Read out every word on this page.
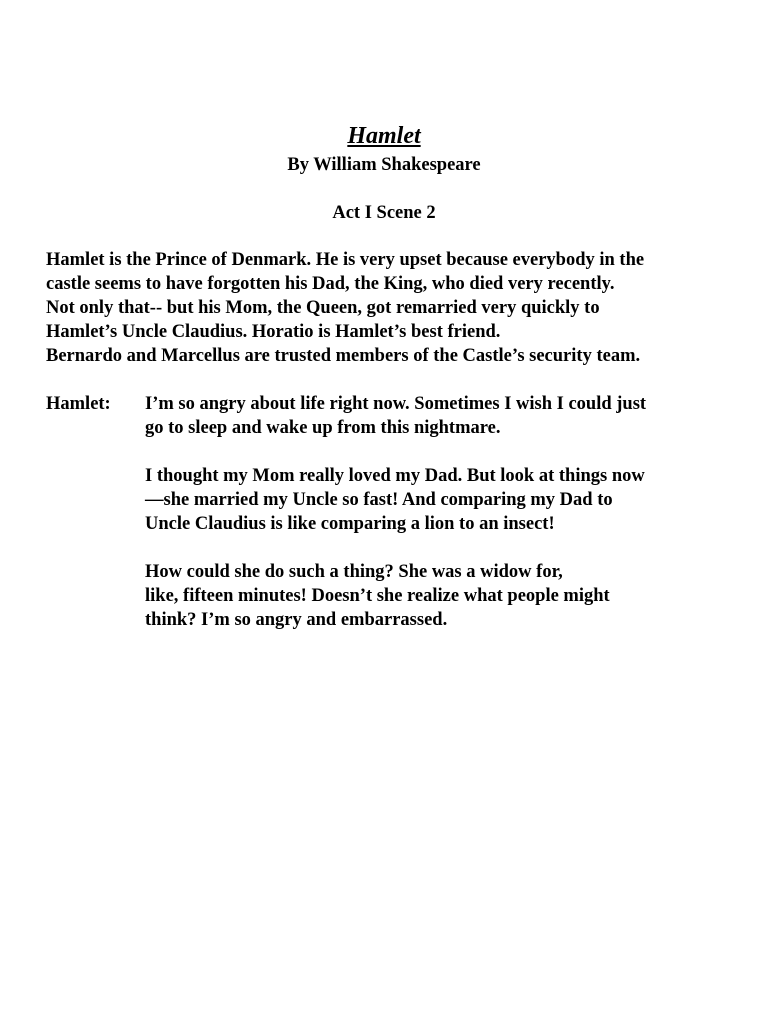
Hamlet
By William Shakespeare
Act I Scene 2
Hamlet is the Prince of Denmark. He is very upset because everybody in the
castle seems to have forgotten his Dad, the King, who died very recently.
Not only that-- but his Mom, the Queen, got remarried very quickly to
Hamlet’s Uncle Claudius. Horatio is Hamlet’s best friend.
Bernardo and Marcellus are trusted members of the Castle’s security team.
Hamlet: I’m so angry about life right now. Sometimes I wish I could just
go to sleep and wake up from this nightmare.
I thought my Mom really loved my Dad. But look at things now
—she married my Uncle so fast! And comparing my Dad to
Uncle Claudius is like comparing a lion to an insect!
How could she do such a thing? She was a widow for,
like, fifteen minutes! Doesn’t she realize what people might
think? I’m so angry and embarrassed.
